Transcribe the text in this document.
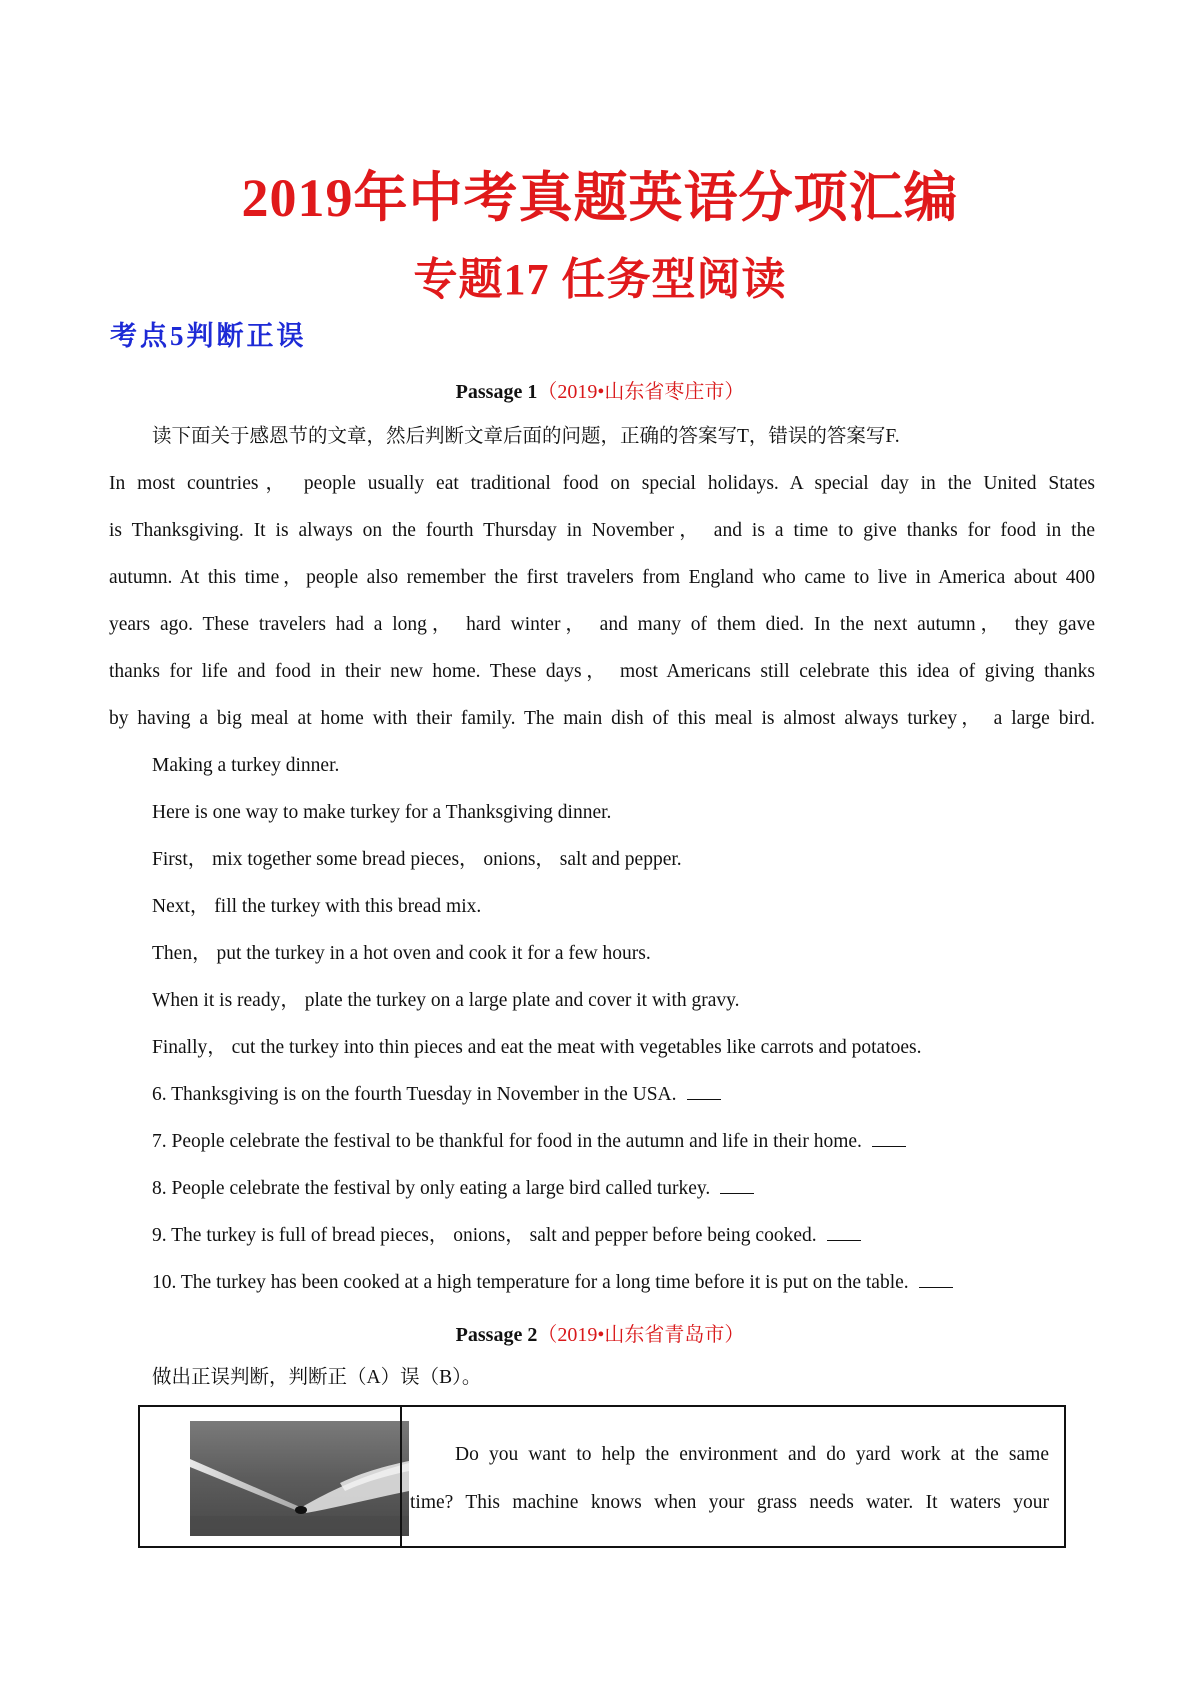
2019年中考真题英语分项汇编
专题17 任务型阅读
考点5判断正误
Passage 1（2019•山东省枣庄市）
读下面关于感恩节的文章，然后判断文章后面的问题，正确的答案写T，错误的答案写F.
In most countries， people usually eat traditional food on special holidays. A special day in the United States
is Thanksgiving. It is always on the fourth Thursday in November， and is a time to give thanks for food in the
autumn. At this time，people also remember the first travelers from England who came to live in America about 400
years ago. These travelers had a long， hard winter， and many of them died. In the next autumn， they gave
thanks for life and food in their new home. These days， most Americans still celebrate this idea of giving thanks
by having a big meal at home with their family. The main dish of this meal is almost always turkey， a large bird.
Making a turkey dinner.
Here is one way to make turkey for a Thanksgiving dinner.
First， mix together some bread pieces， onions， salt and pepper.
Next， fill the turkey with this bread mix.
Then， put the turkey in a hot oven and cook it for a few hours.
When it is ready， plate the turkey on a large plate and cover it with gravy.
Finally， cut the turkey into thin pieces and eat the meat with vegetables like carrots and potatoes.
6. Thanksgiving is on the fourth Tuesday in November in the USA.
7. People celebrate the festival to be thankful for food in the autumn and life in their home.
8. People celebrate the festival by only eating a large bird called turkey.
9. The turkey is full of bread pieces， onions， salt and pepper before being cooked.
10. The turkey has been cooked at a high temperature for a long time before it is put on the table.
Passage 2（2019•山东省青岛市）
做出正误判断，判断正（A）误（B）。
Do you want to help the environment and do yard work at the same
time? This machine knows when your grass needs water. It waters your
